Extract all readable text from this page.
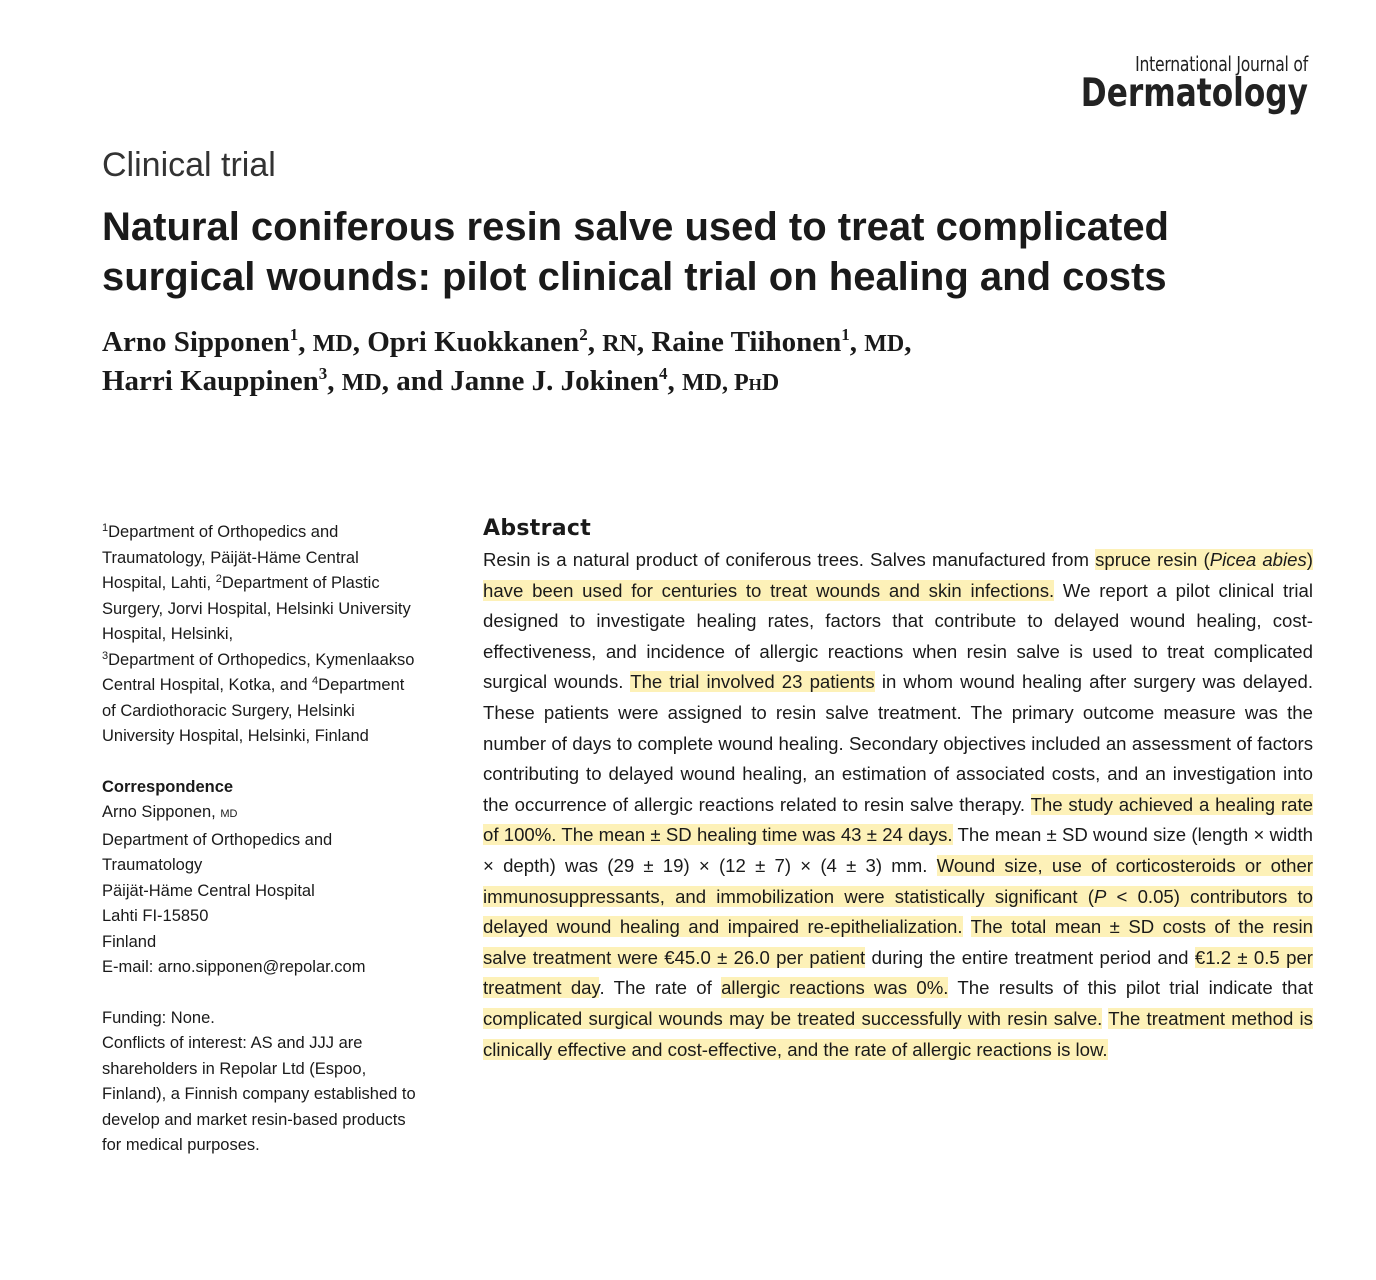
International Journal of
Dermatology
Clinical trial
Natural coniferous resin salve used to treat complicated surgical wounds: pilot clinical trial on healing and costs
Arno Sipponen$^1$, MD, Opri Kuokkanen$^2$, RN, Raine Tiihonen$^1$, MD,
Harri Kauppinen$^3$, MD, and Janne J. Jokinen$^4$, MD, PhD
$^1$Department of Orthopedics and Traumatology, Päijät-Häme Central Hospital, Lahti, $^2$Department of Plastic Surgery, Jorvi Hospital, Helsinki University Hospital, Helsinki,
$^3$Department of Orthopedics, Kymenlaakso Central Hospital, Kotka, and $^4$Department of Cardiothoracic Surgery, Helsinki University Hospital, Helsinki, Finland
Correspondence
Arno Sipponen, MD
Department of Orthopedics and Traumatology
Päijät-Häme Central Hospital
Lahti FI-15850
Finland
E-mail: arno.sipponen@repolar.com
Funding: None.
Conflicts of interest: AS and JJJ are shareholders in Repolar Ltd (Espoo, Finland), a Finnish company established to develop and market resin-based products for medical purposes.
Abstract
Resin is a natural product of coniferous trees. Salves manufactured from spruce resin (Picea abies) have been used for centuries to treat wounds and skin infections. We report a pilot clinical trial designed to investigate healing rates, factors that contribute to delayed wound healing, cost-effectiveness, and incidence of allergic reactions when resin salve is used to treat complicated surgical wounds. The trial involved 23 patients in whom wound healing after surgery was delayed. These patients were assigned to resin salve treatment. The primary outcome measure was the number of days to complete wound healing. Secondary objectives included an assessment of factors contributing to delayed wound healing, an estimation of associated costs, and an investigation into the occurrence of allergic reactions related to resin salve therapy. The study achieved a healing rate of 100%. The mean ± SD healing time was 43 ± 24 days. The mean ± SD wound size (length × width × depth) was (29 ± 19) × (12 ± 7) × (4 ± 3) mm. Wound size, use of corticosteroids or other immunosuppressants, and immobilization were statistically significant (P < 0.05) contributors to delayed wound healing and impaired re-epithelialization. The total mean ± SD costs of the resin salve treatment were €45.0 ± 26.0 per patient during the entire treatment period and €1.2 ± 0.5 per treatment day. The rate of allergic reactions was 0%. The results of this pilot trial indicate that complicated surgical wounds may be treated successfully with resin salve. The treatment method is clinically effective and cost-effective, and the rate of allergic reactions is low.
